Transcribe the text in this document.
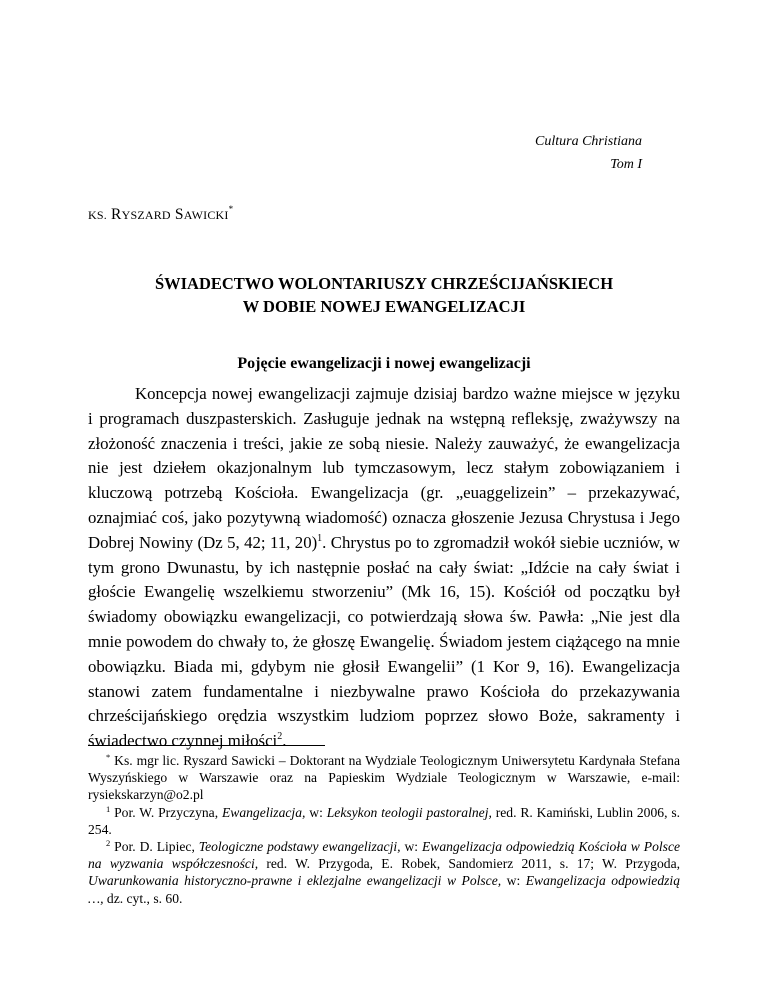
Cultura Christiana
Tom I
KS. RYSZARD SAWICKI*
ŚWIADECTWO WOLONTARIUSZY CHRZEŚCIJAŃSKIECH
W DOBIE NOWEJ EWANGELIZACJI
Pojęcie ewangelizacji i nowej ewangelizacji

Koncepcja nowej ewangelizacji zajmuje dzisiaj bardzo ważne miejsce w języku i programach duszpasterskich. Zasługuje jednak na wstępną refleksję, zważywszy na złożoność znaczenia i treści, jakie ze sobą niesie. Należy zauważyć, że ewangelizacja nie jest dziełem okazjonalnym lub tymczasowym, lecz stałym zobowiązaniem i kluczową potrzebą Kościoła. Ewangelizacja (gr. „euaggelizein” – przekazywać, oznajmiać coś, jako pozytywną wiadomość) oznacza głoszenie Jezusa Chrystusa i Jego Dobrej Nowiny (Dz 5, 42; 11, 20)$^1$. Chrystus po to zgromadził wokół siebie uczniów, w tym grono Dwunastu, by ich następnie posłać na cały świat: „Idźcie na cały świat i głoście Ewangelię wszelkiemu stworzeniu” (Mk 16, 15). Kościół od początku był świadomy obowiązku ewangelizacji, co potwierdzają słowa św. Pawła: „Nie jest dla mnie powodem do chwały to, że głoszę Ewangelię. Świadom jestem ciążącego na mnie obowiązku. Biada mi, gdybym nie głosił Ewangelii” (1 Kor 9, 16). Ewangelizacja stanowi zatem fundamentalne i niezbywalne prawo Kościoła do przekazywania chrześcijańskiego orędzia wszystkim ludziom poprzez słowo Boże, sakramenty i świadectwo czynnej miłości$^2$.

* Ks. mgr lic. Ryszard Sawicki – Doktorant na Wydziale Teologicznym Uniwersytetu Kardynała Stefana Wyszyńskiego w Warszawie oraz na Papieskim Wydziale Teologicznym w Warszawie, e-mail: rysiekskarzyn@o2.pl

$^1$ Por. W. Przyczyna, Ewangelizacja, w: Leksykon teologii pastoralnej, red. R. Kamiński, Lublin 2006, s. 254.

$^2$ Por. D. Lipiec, Teologiczne podstawy ewangelizacji, w: Ewangelizacja odpowiedzią Kościoła w Polsce na wyzwania współczesności, red. W. Przygoda, E. Robek, Sandomierz 2011, s. 17; W. Przygoda, Uwarunkowania historyczno-prawne i eklezjalne ewangelizacji w Polsce, w: Ewangelizacja odpowiedzią …, dz. cyt., s. 60.
